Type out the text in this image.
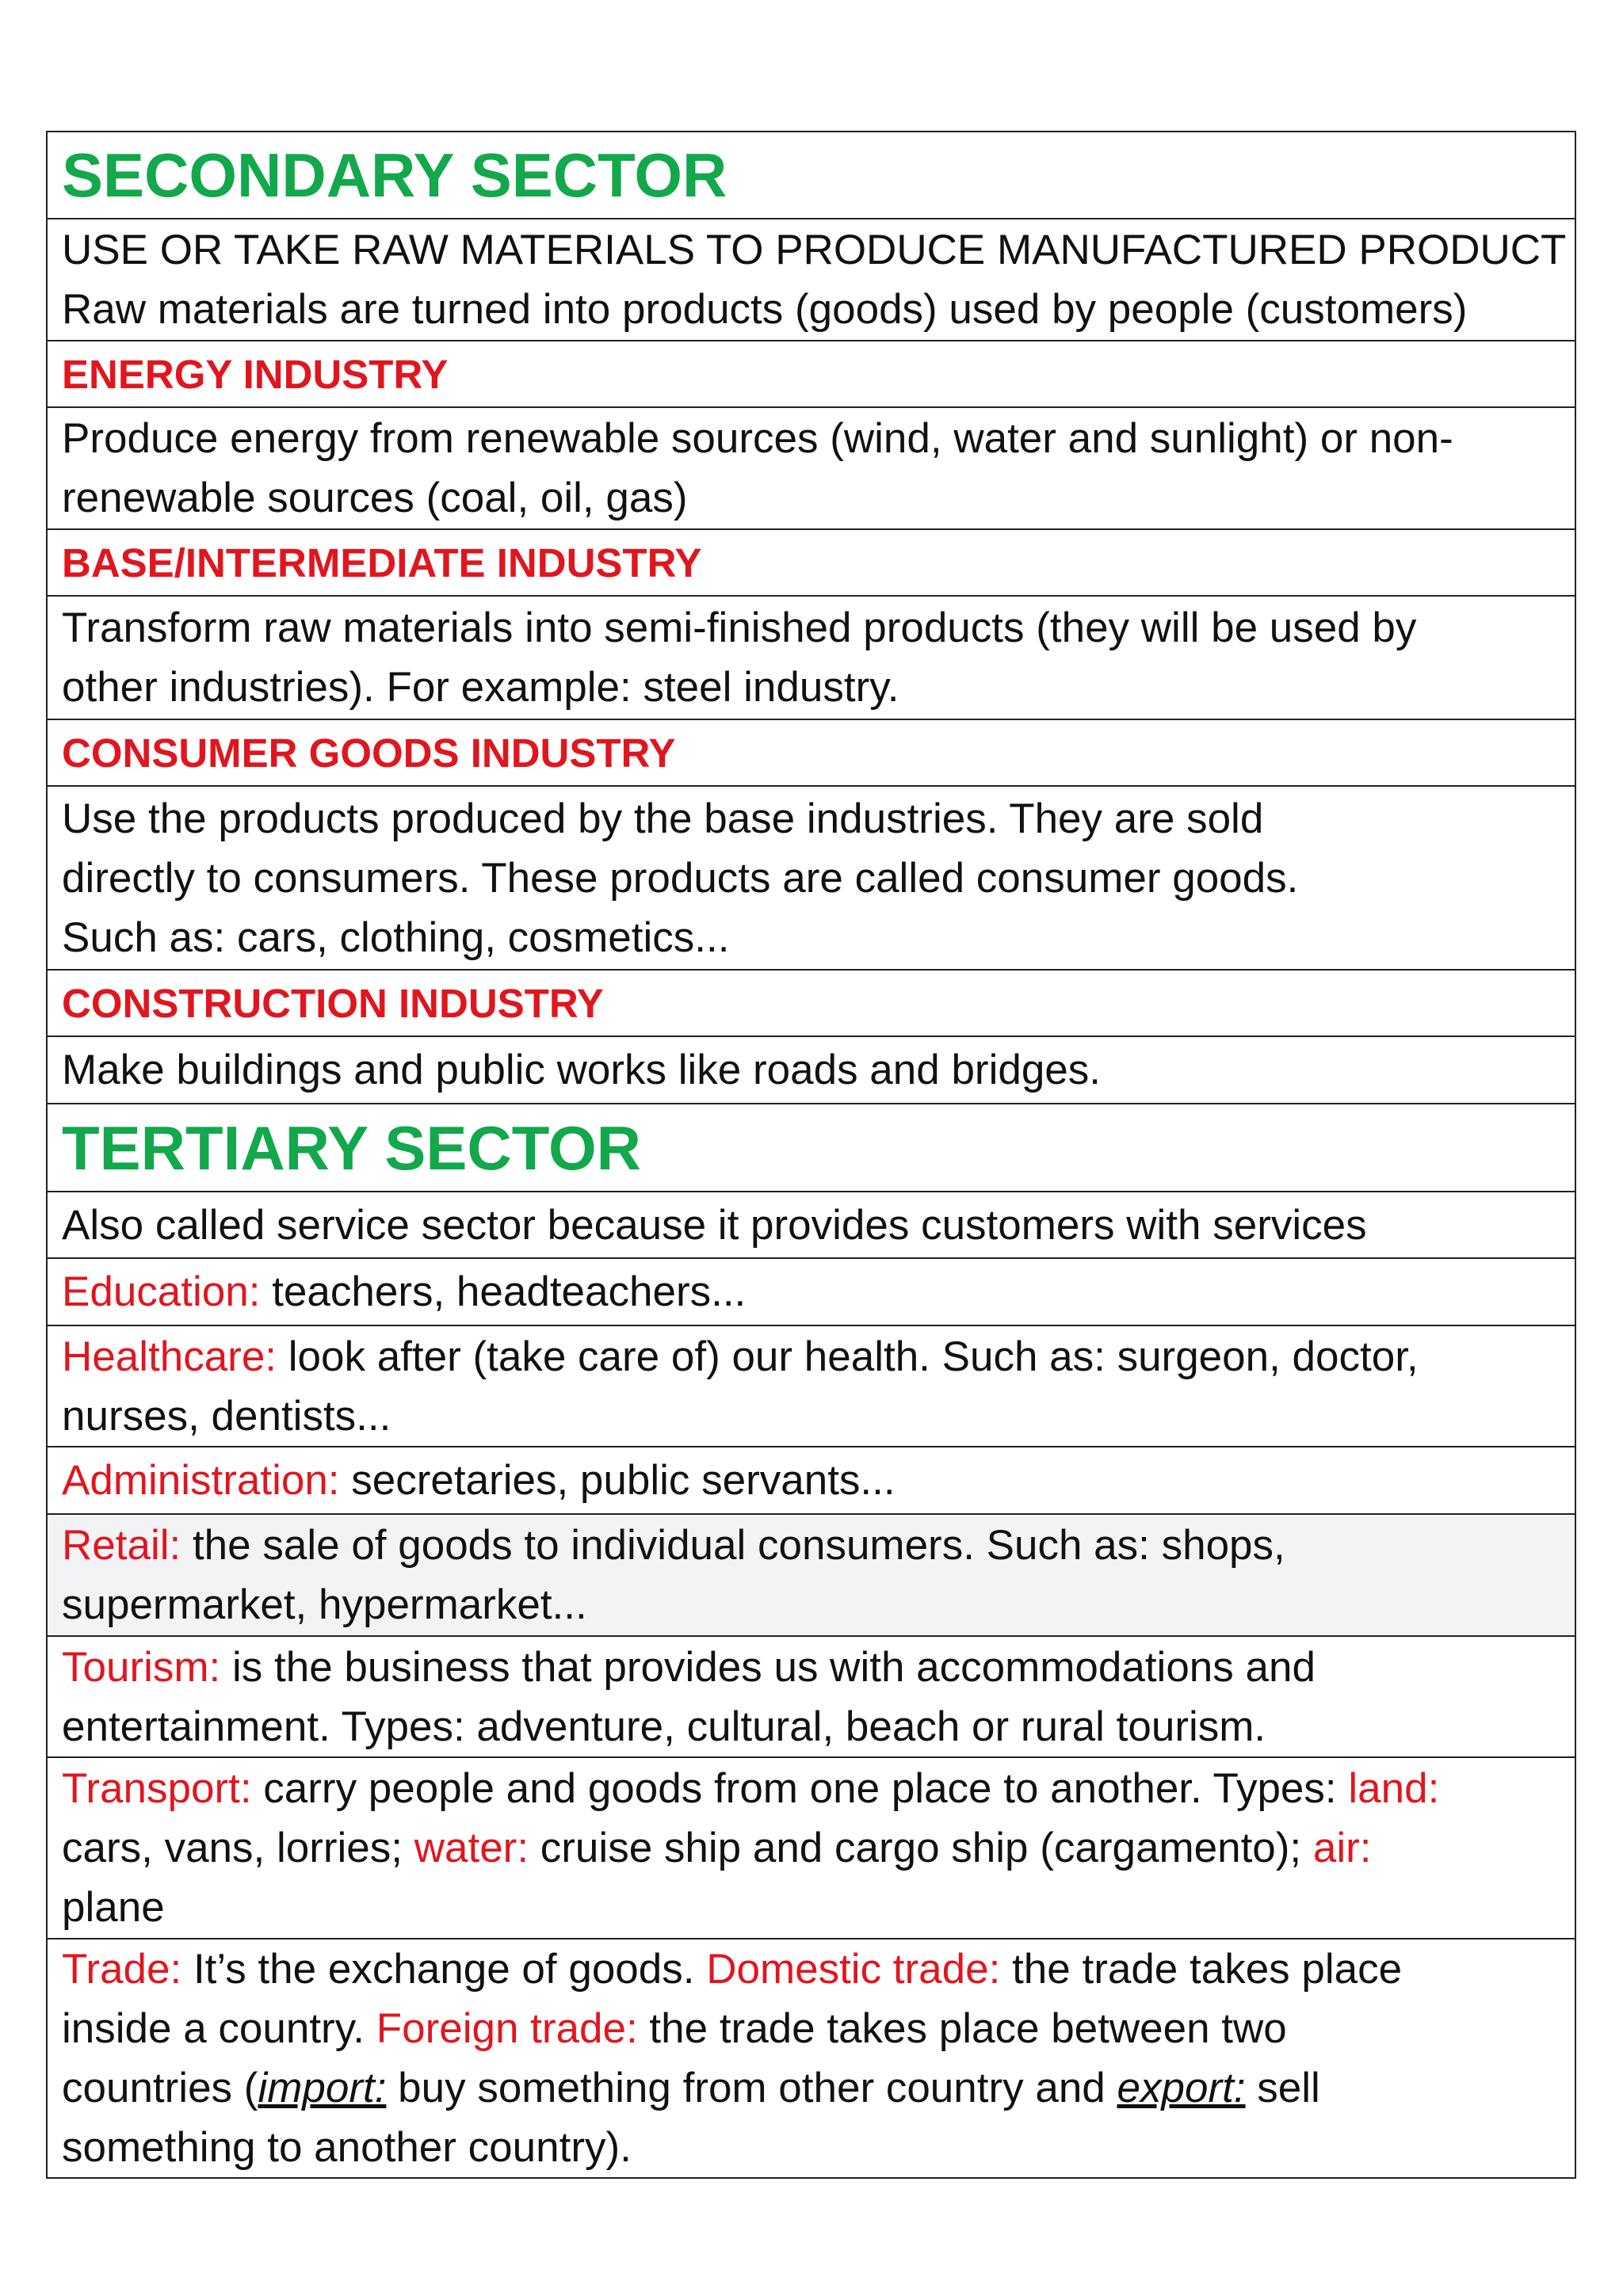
SECONDARY SECTOR
USE OR TAKE RAW MATERIALS TO PRODUCE MANUFACTURED PRODUCT
Raw materials are turned into products (goods) used by people (customers)
ENERGY INDUSTRY
Produce energy from renewable sources (wind, water and sunlight) or non-
renewable sources (coal, oil, gas)
BASE/INTERMEDIATE INDUSTRY
Transform raw materials into semi-finished products (they will be used by
other industries). For example: steel industry.
CONSUMER GOODS INDUSTRY
Use the products produced by the base industries. They are sold
directly to consumers. These products are called consumer goods.
Such as: cars, clothing, cosmetics...
CONSTRUCTION INDUSTRY
Make buildings and public works like roads and bridges.
TERTIARY SECTOR
Also called service sector because it provides customers with services
Education: teachers, headteachers...
Healthcare: look after (take care of) our health. Such as: surgeon, doctor,
nurses, dentists...
Administration: secretaries, public servants...
Retail: the sale of goods to individual consumers. Such as: shops,
supermarket, hypermarket...
Tourism: is the business that provides us with accommodations and
entertainment. Types: adventure, cultural, beach or rural tourism.
Transport: carry people and goods from one place to another. Types: land:
cars, vans, lorries; water: cruise ship and cargo ship (cargamento); air:
plane
Trade: It’s the exchange of goods. Domestic trade: the trade takes place
inside a country. Foreign trade: the trade takes place between two
countries (import: buy something from other country and export: sell
something to another country).
